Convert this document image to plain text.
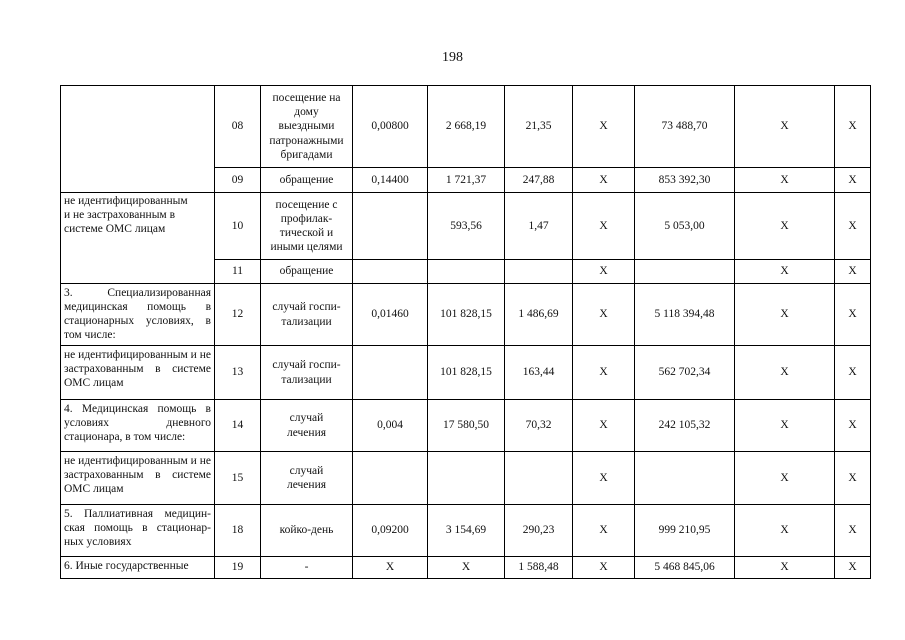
198
	08	посещение на
дому
выездными
патронажными
бригадами	0,00800	2 668,19	21,35	X	73 488,70	X	X
	09	обращение	0,14400	1 721,37	247,88	X	853 392,30	X	X
не идентифицированным
и не застрахованным в
системе ОМС лицам	10	посещение с
профилак-
тической и
иными целями		593,56	1,47	X	5 053,00	X	X
	11	обращение				X		X	X
3. Специализированная медицинская помощь в стационарных условиях, в том числе:	12	случай госпи-
тализации	0,01460	101 828,15	1 486,69	X	5 118 394,48	X	X
не идентифицированным и не застрахованным в системе ОМС лицам	13	случай госпи-
тализации		101 828,15	163,44	X	562 702,34	X	X
4. Медицинская помощь в условиях дневного стационара, в том числе:	14	случай
лечения	0,004	17 580,50	70,32	X	242 105,32	X	X
не идентифицированным и не застрахованным в системе ОМС лицам	15	случай
лечения				X		X	X
5. Паллиативная медицин-ская помощь в стационар-ных условиях	18	койко-день	0,09200	3 154,69	290,23	X	999 210,95	X	X
6. Иные государственные	19	-	X	X	1 588,48	X	5 468 845,06	X	X
